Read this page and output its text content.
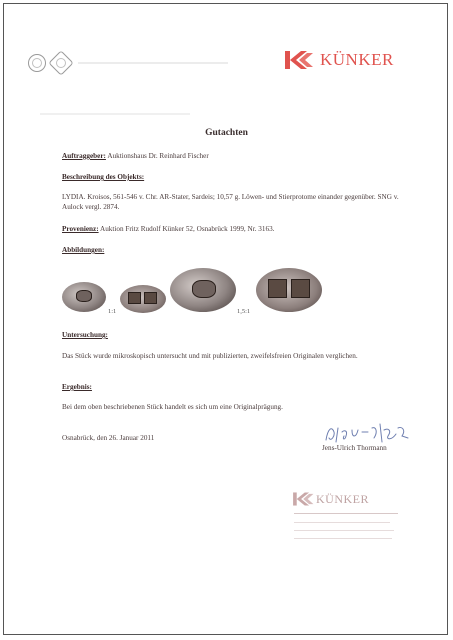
KÜNKER
Gutachten
Auftraggeber: Auktionshaus Dr. Reinhard Fischer
Beschreibung des Objekts:
LYDIA. Kroisos, 561-546 v. Chr. AR-Stater, Sardeis; 10,57 g. Löwen- und Stierprotome einander gegenüber. SNG v. Aulock vergl. 2874.
Provenienz: Auktion Fritz Rudolf Künker 52, Osnabrück 1999, Nr. 3163.
Abbildungen:
1:1	1,5:1
Untersuchung:
Das Stück wurde mikroskopisch untersucht und mit publizierten, zweifelsfreien Originalen verglichen.
Ergebnis:
Bei dem oben beschriebenen Stück handelt es sich um eine Originalprägung.
Osnabrück, den 26. Januar 2011
Jens-Ulrich Thormann
KÜNKER
